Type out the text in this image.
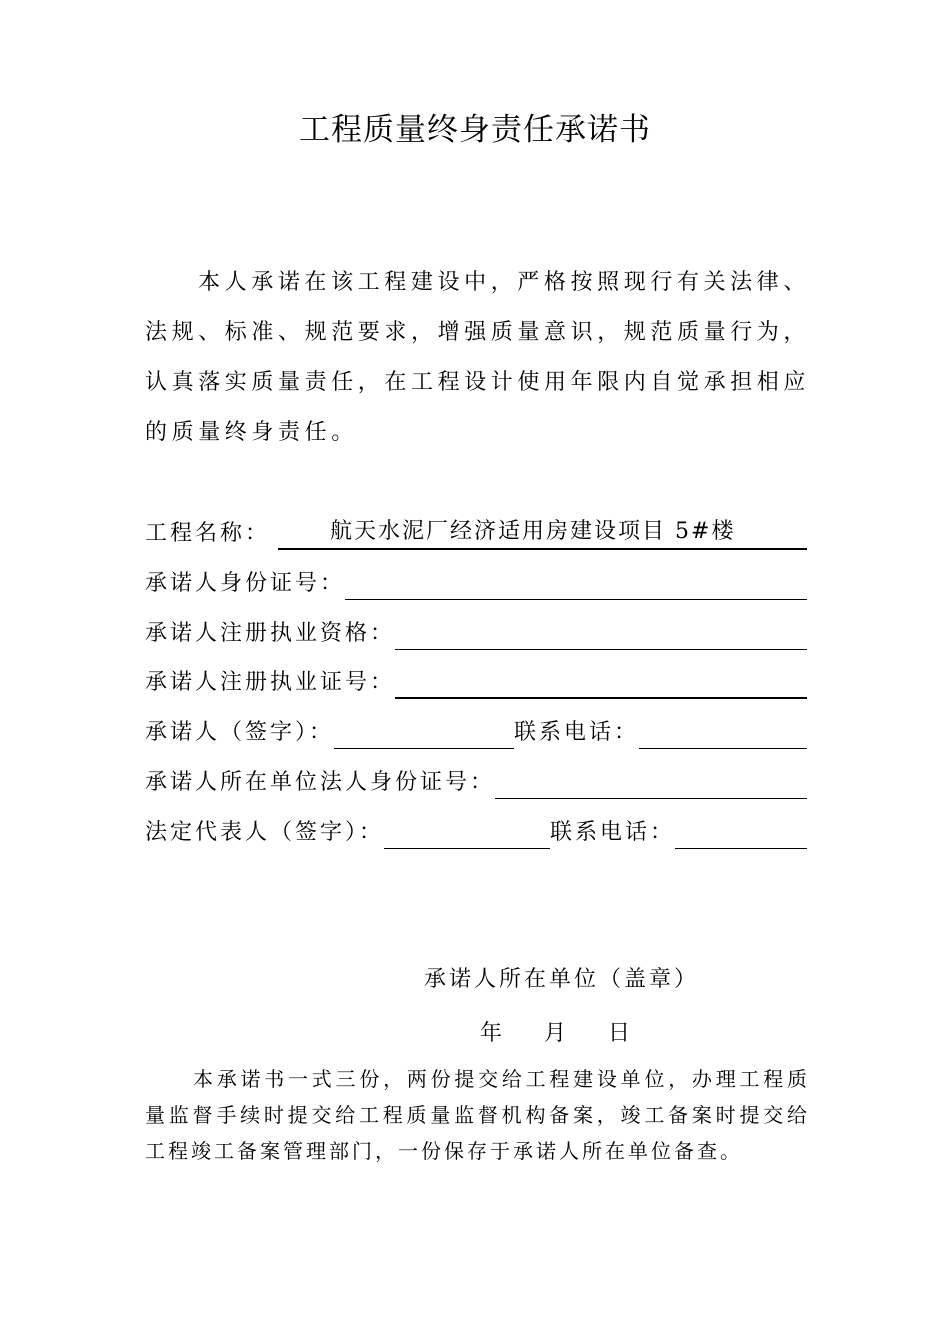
工程质量终身责任承诺书
本人承诺在该工程建设中，严格按照现行有关法律、法规、标准、规范要求，增强质量意识，规范质量行为，认真落实质量责任，在工程设计使用年限内自觉承担相应的质量终身责任。
工程名称：	航天水泥厂经济适用房建设项目 5#楼
承诺人身份证号：
承诺人注册执业资格：
承诺人注册执业证号：
承诺人（签字）：	联系电话：
承诺人所在单位法人身份证号：
法定代表人（签字）：	联系电话：
承诺人所在单位（盖章）
年 月 日
本承诺书一式三份，两份提交给工程建设单位，办理工程质量监督手续时提交给工程质量监督机构备案，竣工备案时提交给工程竣工备案管理部门，一份保存于承诺人所在单位备查。
